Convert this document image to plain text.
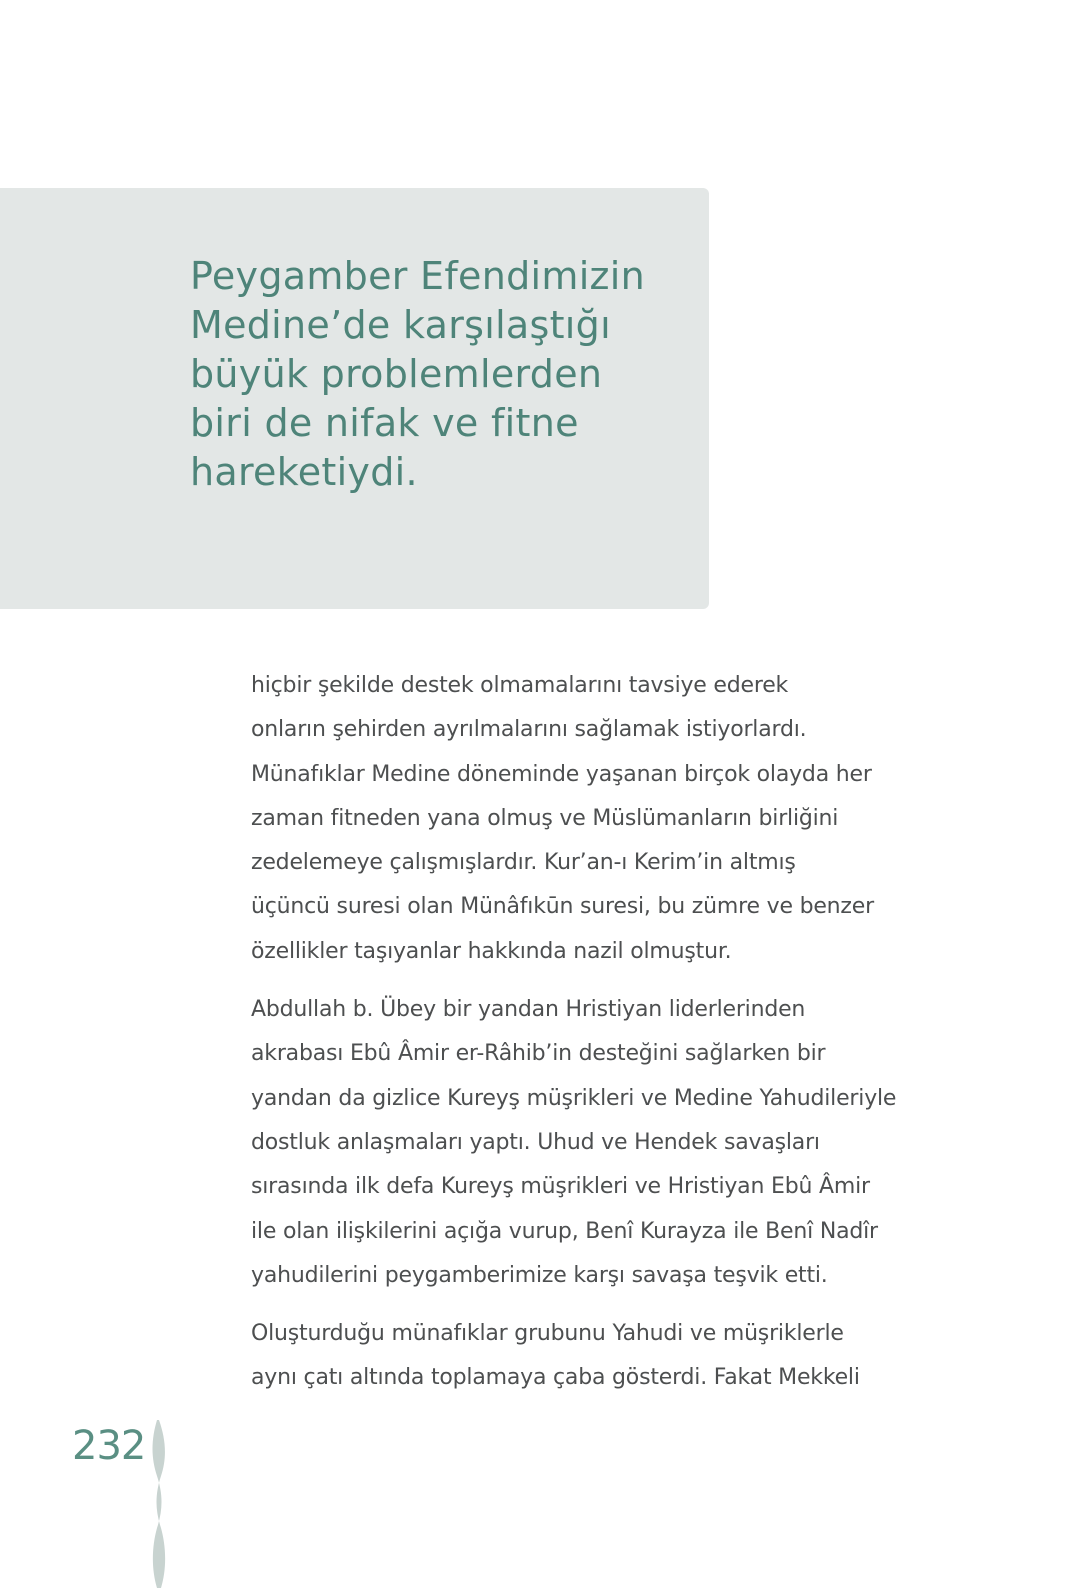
Peygamber Efendimizin
Medine’de karşılaştığı
büyük problemlerden
biri de nifak ve fitne
hareketiydi.

hiçbir şekilde destek olmamalarını tavsiye ederek
onların şehirden ayrılmalarını sağlamak istiyorlardı.
Münafıklar Medine döneminde yaşanan birçok olayda her
zaman fitneden yana olmuş ve Müslümanların birliğini
zedelemeye çalışmışlardır. Kur’an-ı Kerim’in altmış
üçüncü suresi olan Münâfıkūn suresi, bu zümre ve benzer
özellikler taşıyanlar hakkında nazil olmuştur.

Abdullah b. Übey bir yandan Hristiyan liderlerinden
akrabası Ebû Âmir er-Râhib’in desteğini sağlarken bir
yandan da gizlice Kureyş müşrikleri ve Medine Yahudileriyle
dostluk anlaşmaları yaptı. Uhud ve Hendek savaşları
sırasında ilk defa Kureyş müşrikleri ve Hristiyan Ebû Âmir
ile olan ilişkilerini açığa vurup, Benî Kurayza ile Benî Nadîr
yahudilerini peygamberimize karşı savaşa teşvik etti.

Oluşturduğu münafıklar grubunu Yahudi ve müşriklerle
aynı çatı altında toplamaya çaba gösterdi. Fakat Mekkeli

232
